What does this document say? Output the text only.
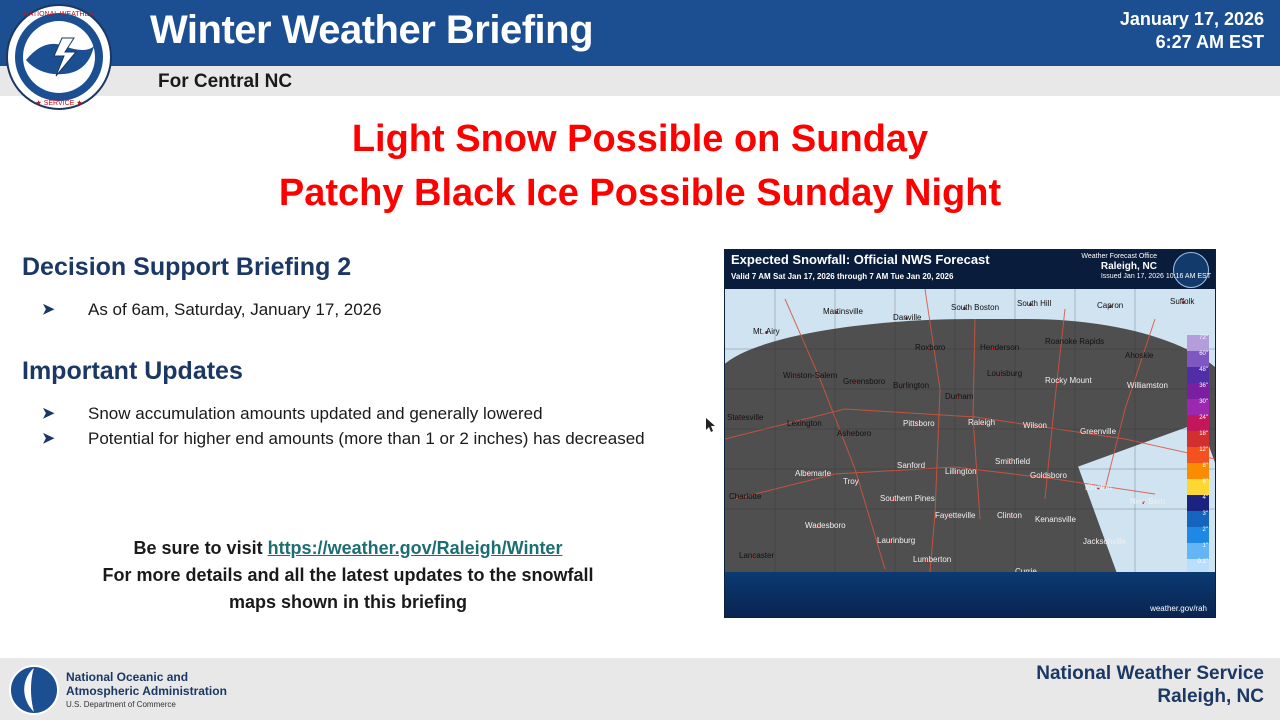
NATIONAL WEATHER
★ SERVICE ★
Winter Weather Briefing	January 17, 2026
6:27 AM EST
For Central NC
Light Snow Possible on Sunday
Patchy Black Ice Possible Sunday Night
Decision Support Briefing 2
➤ As of 6am, Saturday, January 17, 2026
Important Updates
➤ Snow accumulation amounts updated and generally lowered
➤ Potential for higher end amounts (more than 1 or 2 inches) has decreased
Be sure to visit https://weather.gov/Raleigh/Winter
For more details and all the latest updates to the snowfall
maps shown in this briefing
Expected Snowfall: Official NWS Forecast
Valid 7 AM Sat Jan 17, 2026 through 7 AM Tue Jan 20, 2026
Weather Forecast Office
Raleigh, NC
Issued Jan 17, 2026 10:16 AM EST
Mt. Airy
Martinsville
Danville
South Boston South Hill	Capron	Suffolk
Roanoke Rapids
Ahoskie
Henderson
Roxboro
Louisburg
Winston-Salem
Greensboro Burlington
Durham
Rocky Mount
Williamston
Statesville
Lexington
Asheboro
Pittsboro	Raleigh	Wilson
Greenville
Albemarle
Troy
Sanford
Lillington
Smithfield
Goldsboro
Kinston
Charlotte	Southern Pines
Fayetteville	Clinton Kenansville
New Bern
Wadesboro
Laurinburg
Lancaster	Lumberton
Jacksonville
72"
60"
48"
36"
30"
24"
18"
12"
8"
6"
4"
3"
2"
1"
0.1"
weather.gov/rah
National Oceanic and
Atmospheric Administration
U.S. Department of Commerce
National Weather Service
Raleigh, NC
